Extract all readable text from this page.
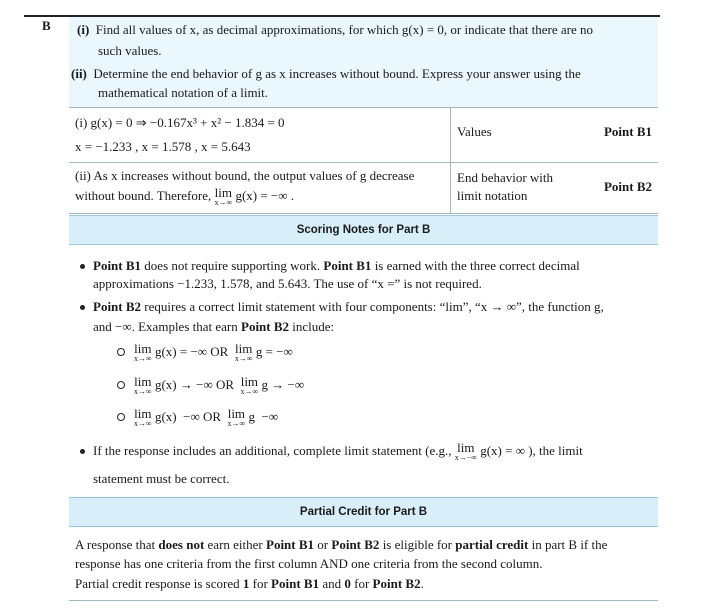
B (i) Find all values of x, as decimal approximations, for which g(x) = 0, or indicate that there are no
such values.
(ii) Determine the end behavior of g as x increases without bound. Express your answer using the
mathematical notation of a limit.
(i) g(x) = 0 ⇒ −0.167x³ + x² − 1.834 = 0
x = −1.233 , x = 1.578 , x = 5.643
Values	Point B1
(ii) As x increases without bound, the output values of g decrease
without bound. Therefore, lim
x→∞ g(x) = −∞ .
End behavior with
limit notation
Point B2
Scoring Notes for Part B
Point B1 does not require supporting work. Point B1 is earned with the three correct decimal
approximations −1.233, 1.578, and 5.643. The use of “x =” is not required.
Point B2 requires a correct limit statement with four components: “lim”, “x → ∞”, the function g,
and −∞. Examples that earn Point B2 include:
lim
x→∞ g(x) = −∞ OR lim
x→∞ g = −∞
lim
x→∞ g(x) → −∞ OR lim
x→∞ g → −∞
lim
x→∞ g(x)  −∞ OR lim
x→∞ g  −∞
If the response includes an additional, complete limit statement (e.g., lim
x→−∞ g(x) = ∞ ), the limit
statement must be correct.
Partial Credit for Part B
A response that does not earn either Point B1 or Point B2 is eligible for partial credit in part B if the
response has one criteria from the first column AND one criteria from the second column.
Partial credit response is scored 1 for Point B1 and 0 for Point B2.
